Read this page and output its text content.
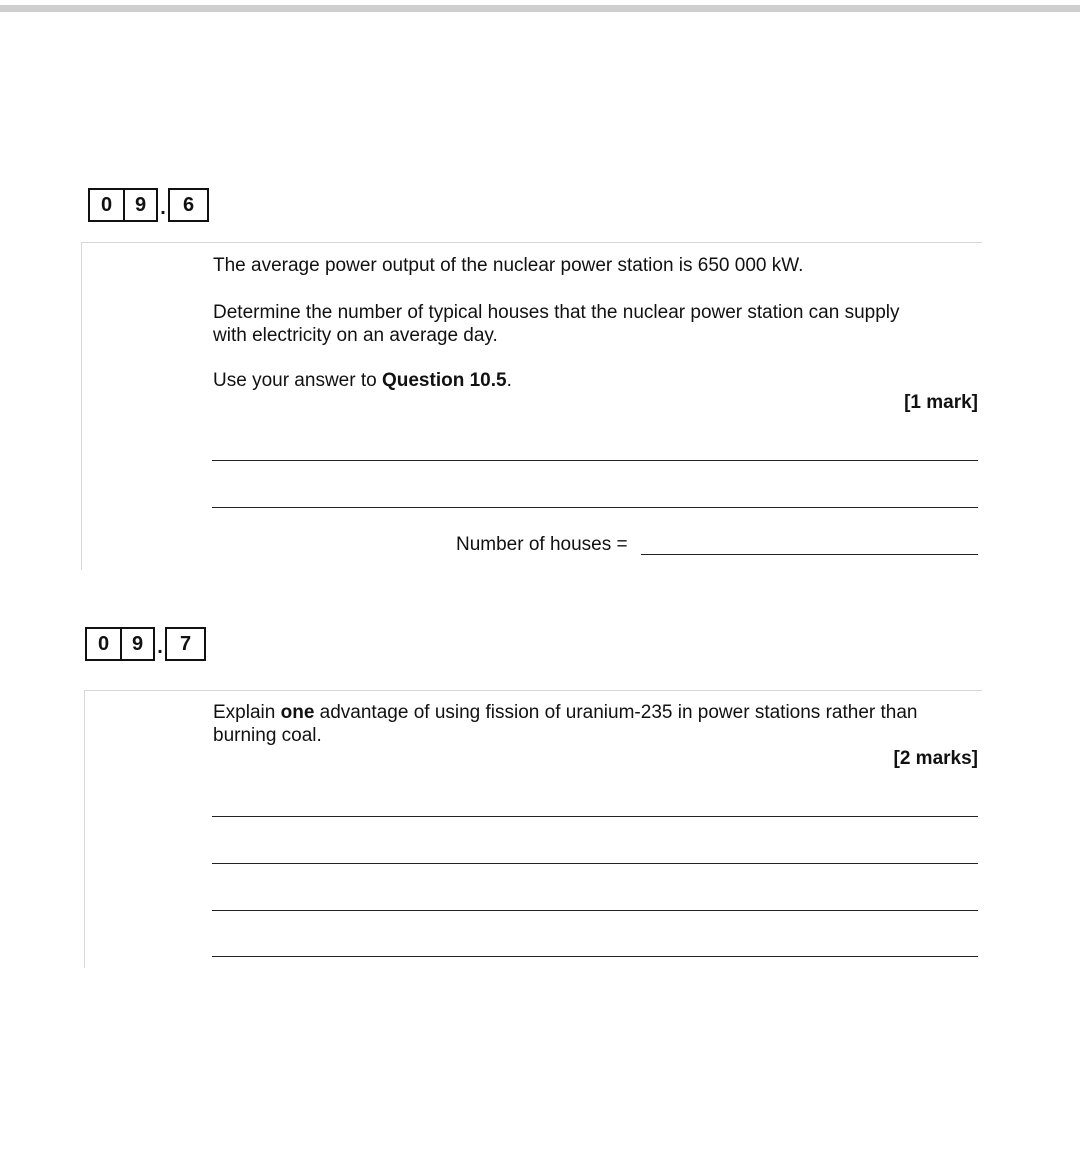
0	9 . 6
The average power output of the nuclear power station is 650 000 kW.
Determine the number of typical houses that the nuclear power station can supply
with electricity on an average day.
Use your answer to Question 10.5.
[1 mark]
Number of houses =
0	9 . 7
Explain one advantage of using fission of uranium-235 in power stations rather than
burning coal.
[2 marks]
